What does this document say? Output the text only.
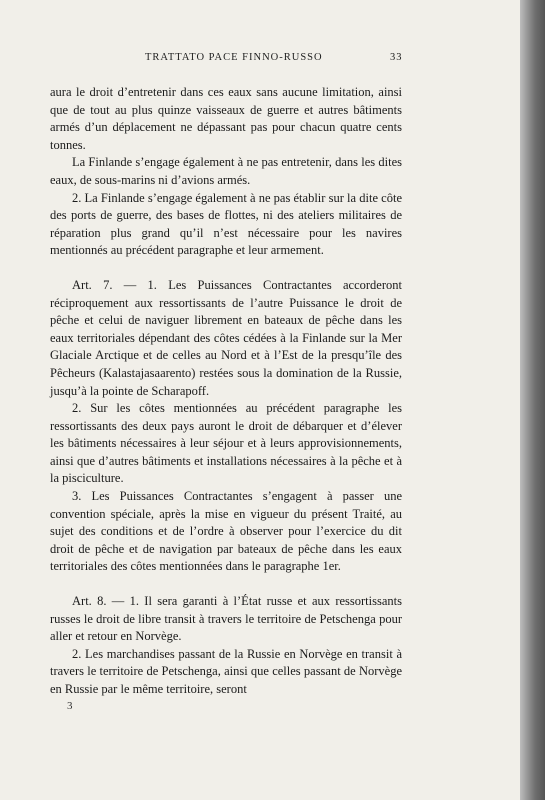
TRATTATO PACE FINNO-RUSSO	33

aura le droit d’entretenir dans ces eaux sans aucune limitation, ainsi que de tout au plus quinze vaisseaux de guerre et autres bâtiments armés d’un déplacement ne dépassant pas pour chacun quatre cents tonnes.

La Finlande s’engage également à ne pas entretenir, dans les dites eaux, de sous-marins ni d’avions armés.

2. La Finlande s’engage également à ne pas établir sur la dite côte des ports de guerre, des bases de flottes, ni des ateliers militaires de réparation plus grand qu’il n’est nécessaire pour les navires mentionnés au précédent paragraphe et leur armement.

Art. 7. — 1. Les Puissances Contractantes accorderont réciproquement aux ressortissants de l’autre Puissance le droit de pêche et celui de naviguer librement en bateaux de pêche dans les eaux territoriales dépendant des côtes cédées à la Finlande sur la Mer Glaciale Arctique et de celles au Nord et à l’Est de la presqu’île des Pêcheurs (Kalastajasaarento) restées sous la domination de la Russie, jusqu’à la pointe de Scharapoff.

2. Sur les côtes mentionnées au précédent paragraphe les ressortissants des deux pays auront le droit de débarquer et d’élever les bâtiments nécessaires à leur séjour et à leurs approvisionnements, ainsi que d’autres bâtiments et installations nécessaires à la pêche et à la pisciculture.

3. Les Puissances Contractantes s’engagent à passer une convention spéciale, après la mise en vigueur du présent Traité, au sujet des conditions et de l’ordre à observer pour l’exercice du dit droit de pêche et de navigation par bateaux de pêche dans les eaux territoriales des côtes mentionnées dans le paragraphe 1er.

Art. 8. — 1. Il sera garanti à l’État russe et aux ressortissants russes le droit de libre transit à travers le territoire de Petschenga pour aller et retour en Norvège.

2. Les marchandises passant de la Russie en Norvège en transit à travers le territoire de Petschenga, ainsi que celles passant de Norvège en Russie par le même territoire, seront

3
